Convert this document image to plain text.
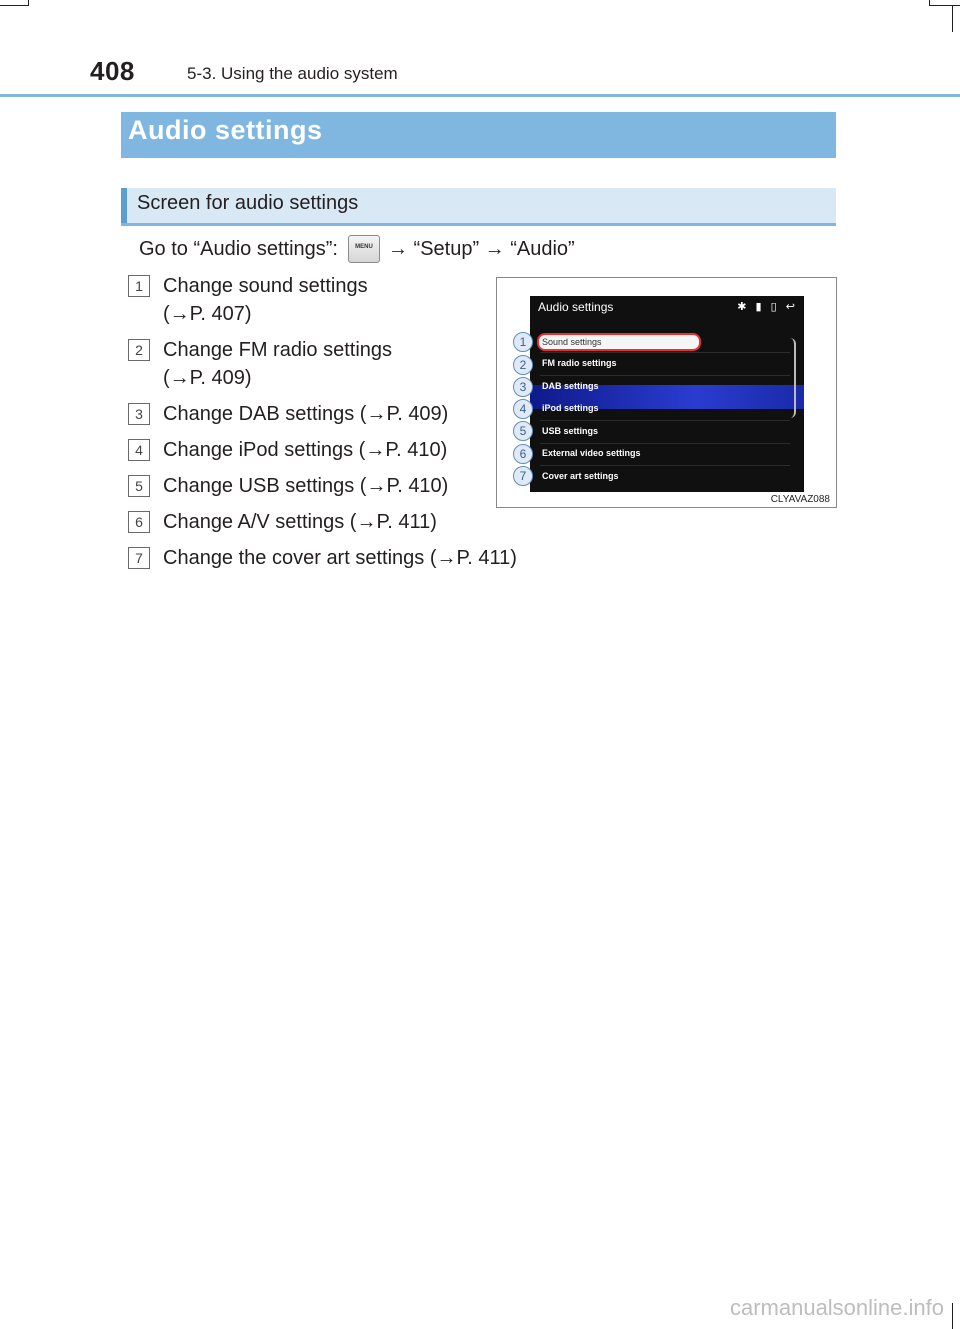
408	5-3. Using the audio system
Audio settings
Screen for audio settings
Go to “Audio settings”:	MENU → “Setup” → “Audio”
1	Change sound settings
(→P. 407)
2	Change FM radio settings
(→P. 409)
3	Change DAB settings (→P. 409)
4	Change iPod settings (→P. 410)
5	Change USB settings (→P. 410)
6	Change A/V settings (→P. 411)
7	Change the cover art settings (→P. 411)
Audio settings	✱ ▮ ▯ ↩
Sound settings
FM radio settings
DAB settings
iPod settings
USB settings
External video settings
Cover art settings
1
2
3
4
5
6
7
CLYAVAZ088
carmanualsonline.info
